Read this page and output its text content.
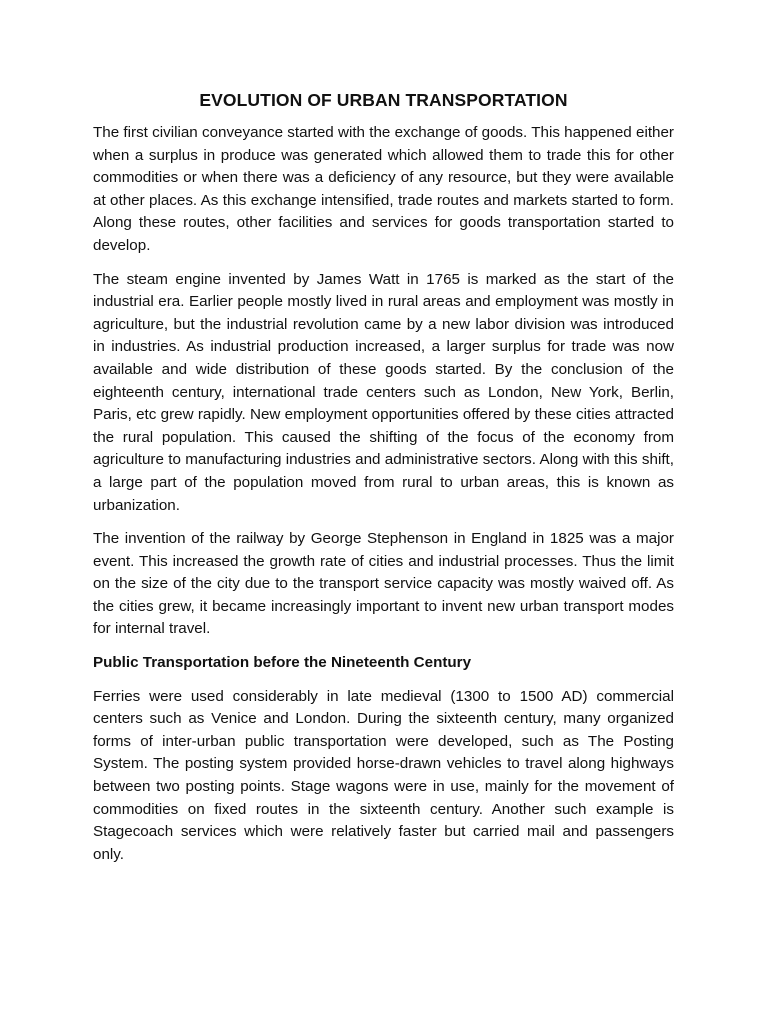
EVOLUTION OF URBAN TRANSPORTATION

The first civilian conveyance started with the exchange of goods. This happened either when a surplus in produce was generated which allowed them to trade this for other commodities or when there was a deficiency of any resource, but they were available at other places. As this exchange intensified, trade routes and markets started to form. Along these routes, other facilities and services for goods transportation started to develop.

The steam engine invented by James Watt in 1765 is marked as the start of the industrial era. Earlier people mostly lived in rural areas and employment was mostly in agriculture, but the industrial revolution came by a new labor division was introduced in industries. As industrial production increased, a larger surplus for trade was now available and wide distribution of these goods started. By the conclusion of the eighteenth century, international trade centers such as London, New York, Berlin, Paris, etc grew rapidly. New employment opportunities offered by these cities attracted the rural population. This caused the shifting of the focus of the economy from agriculture to manufacturing industries and administrative sectors. Along with this shift, a large part of the population moved from rural to urban areas, this is known as urbanization.

The invention of the railway by George Stephenson in England in 1825 was a major event. This increased the growth rate of cities and industrial processes. Thus the limit on the size of the city due to the transport service capacity was mostly waived off. As the cities grew, it became increasingly important to invent new urban transport modes for internal travel.

Public Transportation before the Nineteenth Century

Ferries were used considerably in late medieval (1300 to 1500 AD) commercial centers such as Venice and London. During the sixteenth century, many organized forms of inter-urban public transportation were developed, such as The Posting System. The posting system provided horse-drawn vehicles to travel along highways between two posting points. Stage wagons were in use, mainly for the movement of commodities on fixed routes in the sixteenth century. Another such example is Stagecoach services which were relatively faster but carried mail and passengers only.
